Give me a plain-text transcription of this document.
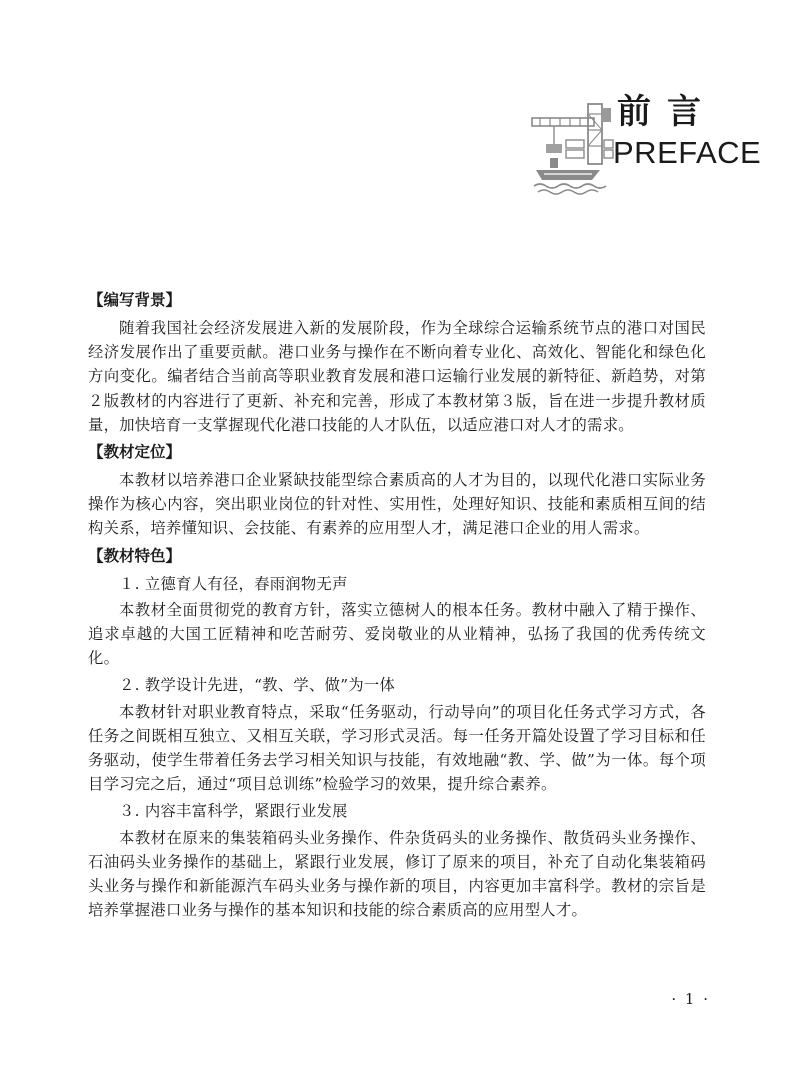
前言
PREFACE
【编写背景】

随着我国社会经济发展进入新的发展阶段，作为全球综合运输系统节点的港口对国民经济发展作出了重要贡献。港口业务与操作在不断向着专业化、高效化、智能化和绿色化方向变化。编者结合当前高等职业教育发展和港口运输行业发展的新特征、新趋势，对第２版教材的内容进行了更新、补充和完善，形成了本教材第３版，旨在进一步提升教材质量，加快培育一支掌握现代化港口技能的人才队伍，以适应港口对人才的需求。

【教材定位】

本教材以培养港口企业紧缺技能型综合素质高的人才为目的，以现代化港口实际业务操作为核心内容，突出职业岗位的针对性、实用性，处理好知识、技能和素质相互间的结构关系，培养懂知识、会技能、有素养的应用型人才，满足港口企业的用人需求。

【教材特色】

１. 立德育人有径，春雨润物无声

本教材全面贯彻党的教育方针，落实立德树人的根本任务。教材中融入了精于操作、追求卓越的大国工匠精神和吃苦耐劳、爱岗敬业的从业精神，弘扬了我国的优秀传统文化。

２. 教学设计先进，“教、学、做”为一体

本教材针对职业教育特点，采取“任务驱动，行动导向”的项目化任务式学习方式，各任务之间既相互独立、又相互关联，学习形式灵活。每一任务开篇处设置了学习目标和任务驱动，使学生带着任务去学习相关知识与技能，有效地融“教、学、做”为一体。每个项目学习完之后，通过“项目总训练”检验学习的效果，提升综合素养。

３. 内容丰富科学，紧跟行业发展

本教材在原来的集装箱码头业务操作、件杂货码头的业务操作、散货码头业务操作、石油码头业务操作的基础上，紧跟行业发展，修订了原来的项目，补充了自动化集装箱码头业务与操作和新能源汽车码头业务与操作新的项目，内容更加丰富科学。教材的宗旨是培养掌握港口业务与操作的基本知识和技能的综合素质高的应用型人才。

· 1 ·
